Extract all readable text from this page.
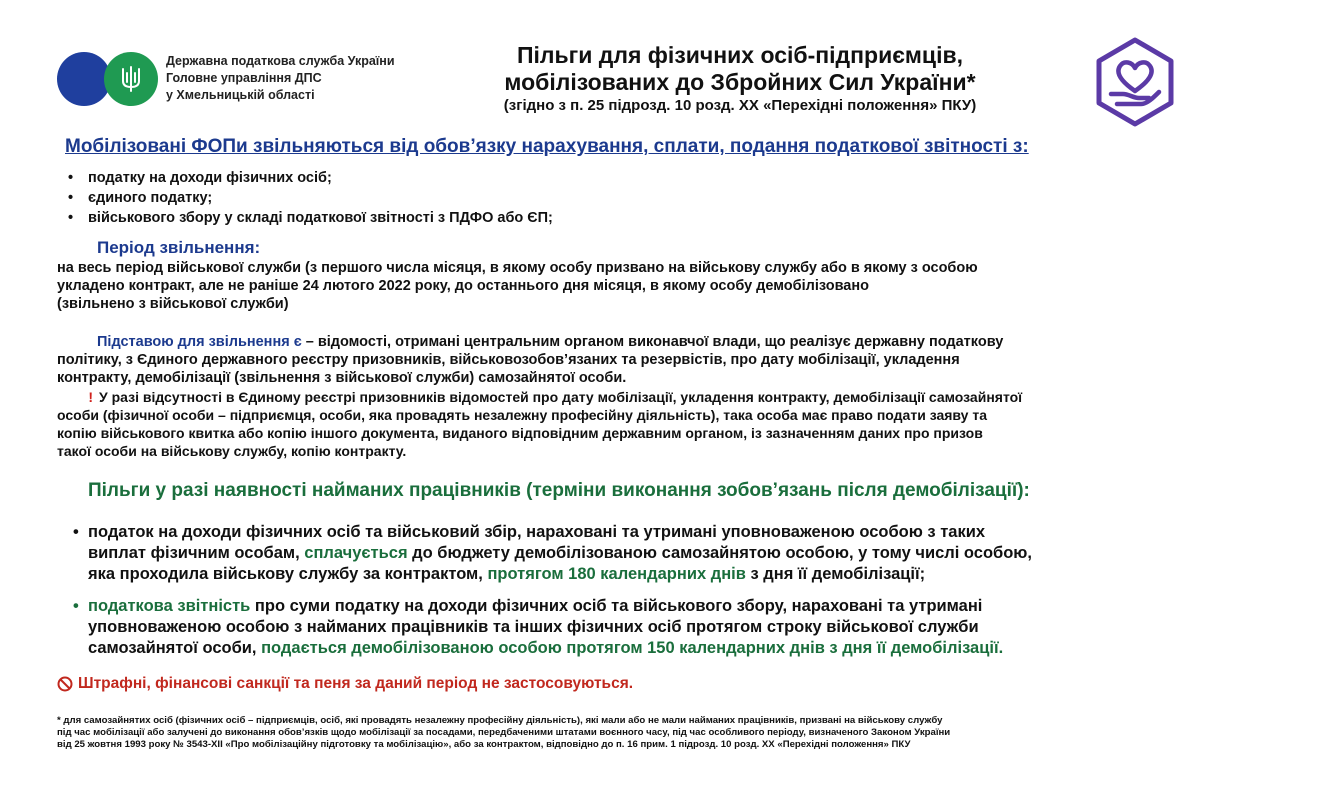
Державна податкова служба України
Головне управління ДПС
у Хмельницькій області
Пільги для фізичних осіб-підприємців,
мобілізованих до Збройних Сил України*
(згідно з п. 25 підрозд. 10 розд. ХХ «Перехідні положення» ПКУ)
Мобілізовані ФОПи звільняються від обов’язку нарахування, сплати, подання податкової звітності з:
• податку на доходи фізичних осіб;
• єдиного податку;
• військового збору у складі податкової звітності з ПДФО або ЄП;
Період звільнення:
на весь період військової служби (з першого числа місяця, в якому особу призвано на військову службу або в якому з особою
укладено контракт, але не раніше 24 лютого 2022 року, до останнього дня місяця, в якому особу демобілізовано
(звільнено з військової служби)
Підставою для звільнення є – відомості, отримані центральним органом виконавчої влади, що реалізує державну податкову
політику, з Єдиного державного реєстру призовників, військовозобов’язаних та резервістів, про дату мобілізації, укладення
контракту, демобілізації (звільнення з військової служби) самозайнятої особи.
! У разі відсутності в Єдиному реєстрі призовників відомостей про дату мобілізації, укладення контракту, демобілізації самозайнятої
особи (фізичної особи – підприємця, особи, яка провадять незалежну професійну діяльність), така особа має право подати заяву та
копію військового квитка або копію іншого документа, виданого відповідним державним органом, із зазначенням даних про призов
такої особи на військову службу, копію контракту.
Пільги у разі наявності найманих працівників (терміни виконання зобов’язань після демобілізації):
• податок на доходи фізичних осіб та військовий збір, нараховані та утримані уповноваженою особою з таких
виплат фізичним особам, сплачується до бюджету демобілізованою самозайнятою особою, у тому числі особою,
яка проходила військову службу за контрактом, протягом 180 календарних днів з дня її демобілізації;
• податкова звітність про суми податку на доходи фізичних осіб та військового збору, нараховані та утримані
уповноваженою особою з найманих працівників та інших фізичних осіб протягом строку військової служби
самозайнятої особи, подається демобілізованою особою протягом 150 календарних днів з дня її демобілізації.
Штрафні, фінансові санкції та пеня за даний період не застосовуються.
* для самозайнятих осіб (фізичних осіб – підприємців, осіб, які провадять незалежну професійну діяльність), які мали або не мали найманих працівників, призвані на військову службу
під час мобілізації або залучені до виконання обов’язків щодо мобілізації за посадами, передбаченими штатами воєнного часу, під час особливого періоду, визначеного Законом України
від 25 жовтня 1993 року № 3543-XII «Про мобілізаційну підготовку та мобілізацію», або за контрактом, відповідно до п. 16 прим. 1 підрозд. 10 розд. ХХ «Перехідні положення» ПКУ
